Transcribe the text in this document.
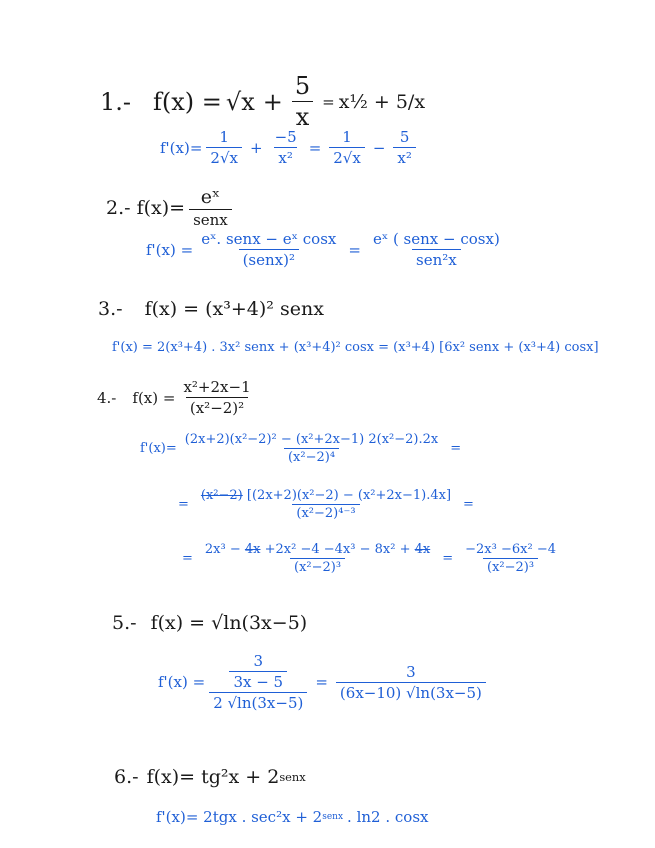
1.- $f(x) = √x + \frac{5}{x}$ = x½ + 5/x
$f'(x)= \frac{1}{2√x} + \frac{-5}{\text{x²}} = \frac{1}{2√x} - \frac{5}{\text{x²}}$
2.- $f(x)= \frac{\text{eˣ}}{\text{senx}}$
$f'(x) = \frac{\text{eˣ. senx − eˣ cosx}}{\text{(senx)²}} = \frac{\text{eˣ ( senx − cosx)}}{\text{sen²x}}$
3.- f(x) = (x³+4)² senx
f'(x) = 2(x³+4) . 3x² senx + (x³+4)² cosx = (x³+4) [6x² senx + (x³+4) cosx]
4.- $f(x) = \frac{\text{x²+2x−1}}{\text{(x²−2)²}}$
$f'(x)= \frac{\text{(2x+2)(x²−2)² − (x²+2x−1) 2(x²−2).2x}}{\text{(x²−2)⁴}}$ =
= $\frac{\text{(x²−2) [(2x+2)(x²−2) − (x²+2x−1).4x]}}{\text{(x²−2)⁴⁻³}}$ =
= $\frac{\text{2x³ − 4x +2x² −4 −4x³ − 8x² + 4x}}{\text{(x²−2)³}} = \frac{\text{−2x³ −6x² −4}}{\text{(x²−2)³}}$
5.- f(x) = √ln(3x−5)
$f'(x) = \frac{\frac{3}{3x - 5}}{2 √\ln(3x-5)} = \frac{3}{(6x-10) √\ln(3x-5)}$
6.- f(x)= tg²x + 2 senx
f'(x)= 2tgx . sec²x + 2 senx . ln2 . cosx
